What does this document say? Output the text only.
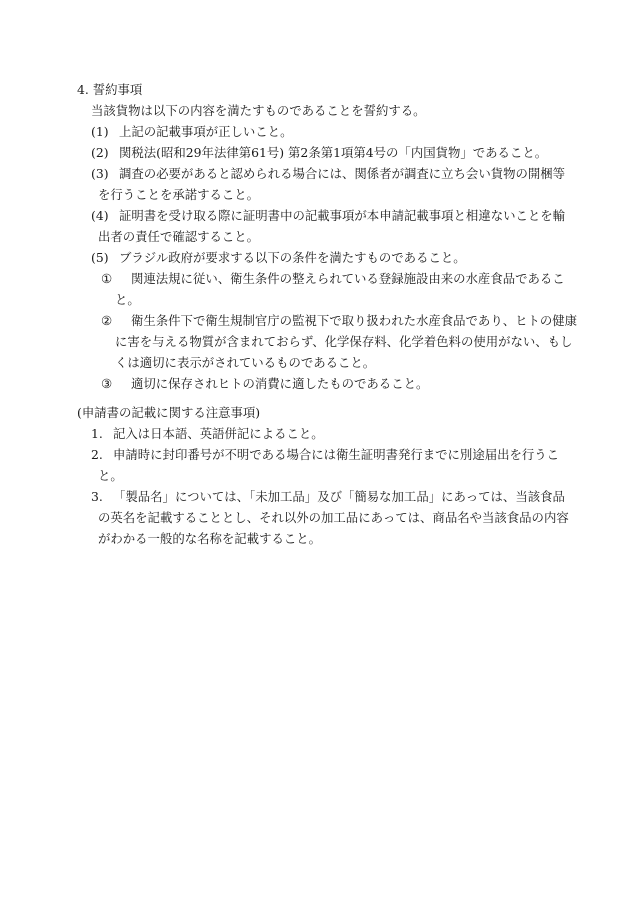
4. 誓約事項
当該貨物は以下の内容を満たすものであることを誓約する。
(1) 上記の記載事項が正しいこと。
(2) 関税法(昭和29年法律第61号) 第2条第1項第4号の「内国貨物」であること。
(3) 調査の必要があると認められる場合には、関係者が調査に立ち会い貨物の開梱等
を行うことを承諾すること。
(4) 証明書を受け取る際に証明書中の記載事項が本申請記載事項と相違ないことを輸
出者の責任で確認すること。
(5) ブラジル政府が要求する以下の条件を満たすものであること。
① 関連法規に従い、衛生条件の整えられている登録施設由来の水産食品であるこ
と。
② 衛生条件下で衛生規制官庁の監視下で取り扱われた水産食品であり、ヒトの健康
に害を与える物質が含まれておらず、化学保存料、化学着色料の使用がない、もし
くは適切に表示がされているものであること。
③ 適切に保存されヒトの消費に適したものであること。
(申請書の記載に関する注意事項)
1. 記入は日本語、英語併記によること。
2. 申請時に封印番号が不明である場合には衛生証明書発行までに別途届出を行うこ
と。
3. 「製品名」については、「未加工品」及び「簡易な加工品」にあっては、当該食品
の英名を記載することとし、それ以外の加工品にあっては、商品名や当該食品の内容
がわかる一般的な名称を記載すること。
